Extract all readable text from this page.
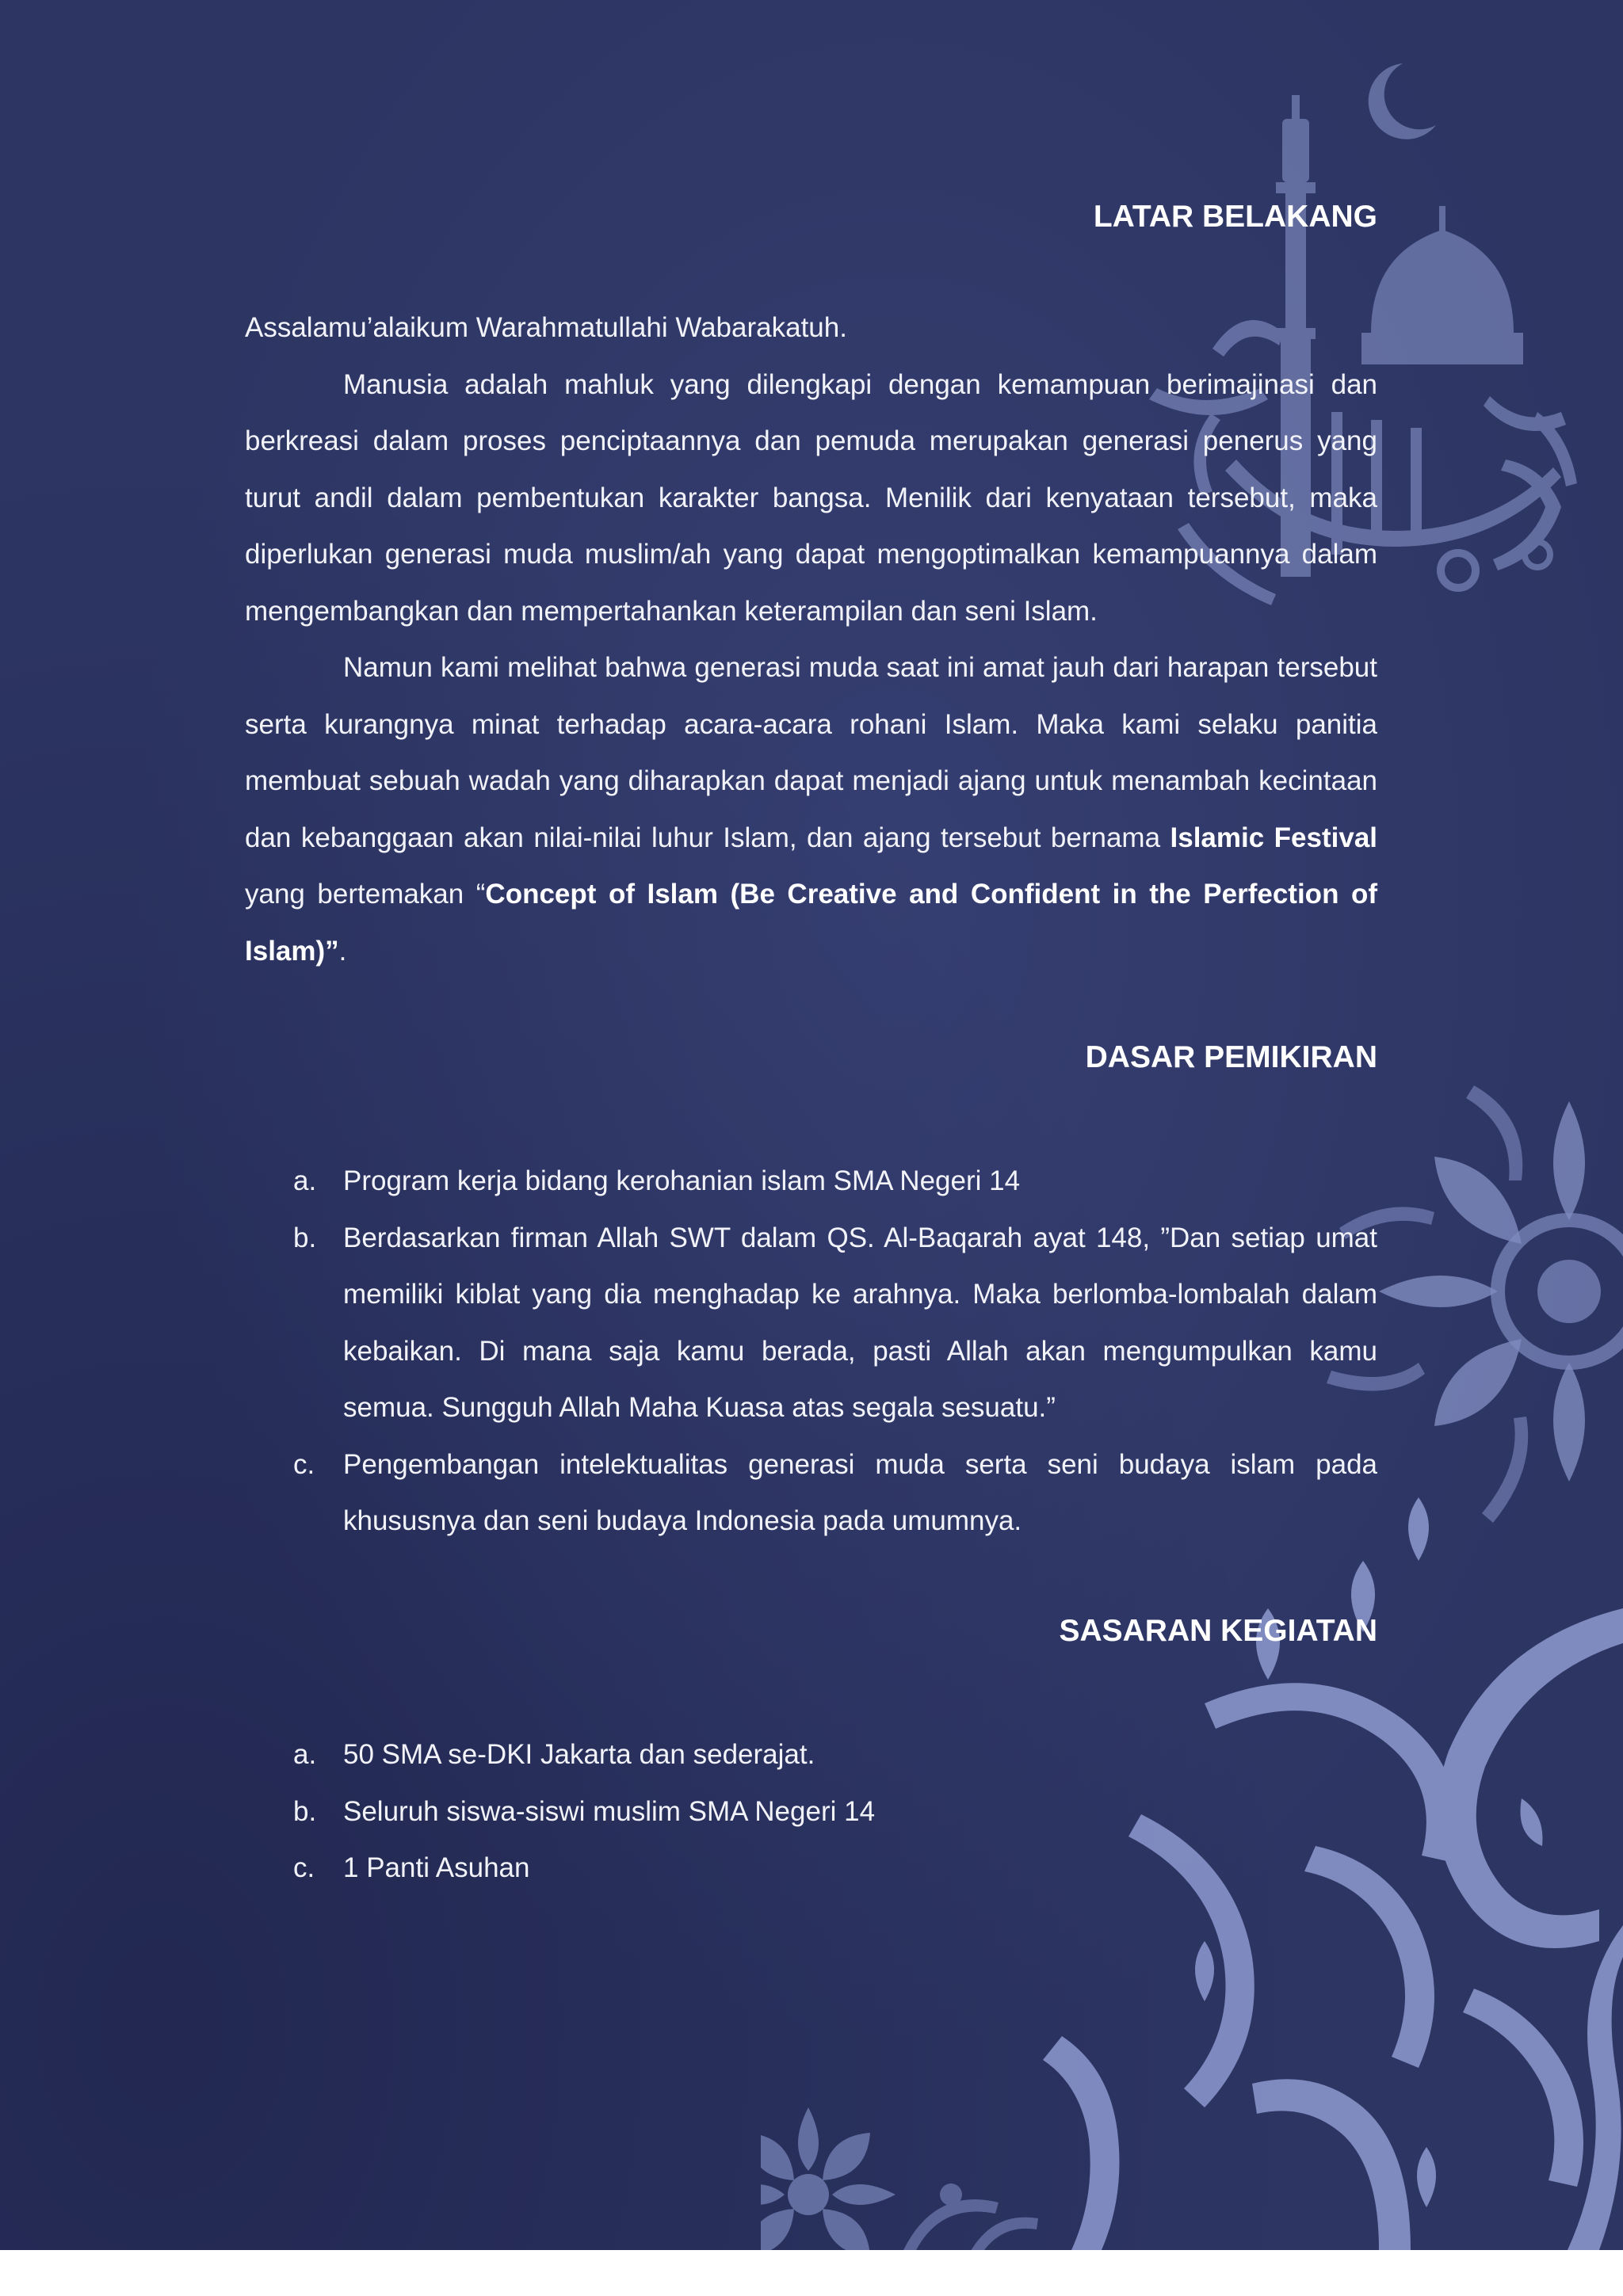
LATAR BELAKANG

Assalamu’alaikum Warahmatullahi Wabarakatuh.

Manusia adalah mahluk yang dilengkapi dengan kemampuan berimajinasi dan berkreasi dalam proses penciptaannya dan pemuda merupakan generasi penerus yang turut andil dalam pembentukan karakter bangsa. Menilik dari kenyataan tersebut, maka diperlukan generasi muda muslim/ah yang dapat mengoptimalkan kemampuannya dalam mengembangkan dan mempertahankan keterampilan dan seni Islam.

Namun kami melihat bahwa generasi muda saat ini amat jauh dari harapan tersebut serta kurangnya minat terhadap acara-acara rohani Islam. Maka kami selaku panitia membuat sebuah wadah yang diharapkan dapat menjadi ajang untuk menambah kecintaan dan kebanggaan akan nilai-nilai luhur Islam, dan ajang tersebut bernama Islamic Festival yang bertemakan “Concept of Islam (Be Creative and Confident in the Perfection of Islam)”.

DASAR PEMIKIRAN
a. Program kerja bidang kerohanian islam SMA Negeri 14
b. Berdasarkan firman Allah SWT dalam QS. Al-Baqarah ayat 148, ”Dan setiap umat memiliki kiblat yang dia menghadap ke arahnya. Maka berlomba-lombalah dalam kebaikan. Di mana saja kamu berada, pasti Allah akan mengumpulkan kamu semua. Sungguh Allah Maha Kuasa atas segala sesuatu.”
c. Pengembangan intelektualitas generasi muda serta seni budaya islam pada khususnya dan seni budaya Indonesia pada umumnya.
SASARAN KEGIATAN
a. 50 SMA se-DKI Jakarta dan sederajat.
b. Seluruh siswa-siswi muslim SMA Negeri 14
c. 1 Panti Asuhan
